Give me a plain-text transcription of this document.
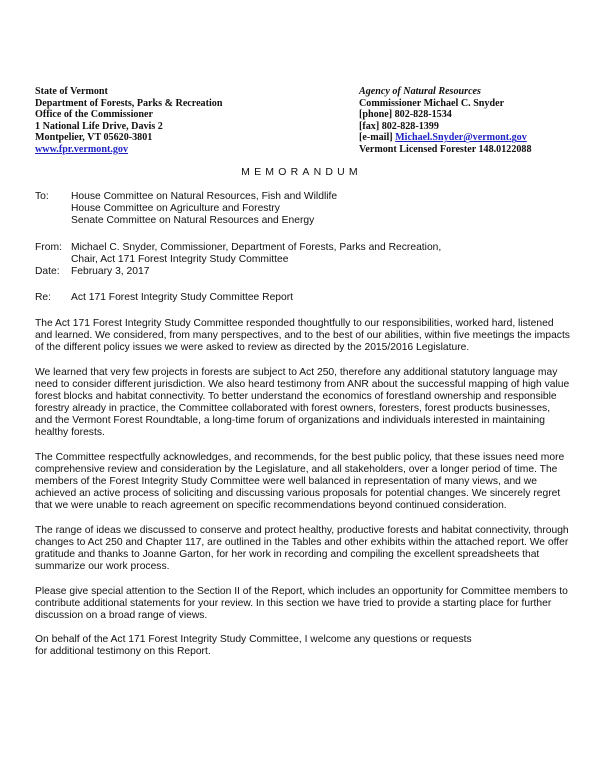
State of Vermont
Department of Forests, Parks & Recreation
Office of the Commissioner
1 National Life Drive, Davis 2
Montpelier, VT 05620-3801
www.fpr.vermont.gov
Agency of Natural Resources
Commissioner Michael C. Snyder
[phone] 802-828-1534
[fax] 802-828-1399
[e-mail] Michael.Snyder@vermont.gov
Vermont Licensed Forester 148.0122088
MEMORANDUM
To: House Committee on Natural Resources, Fish and Wildlife
House Committee on Agriculture and Forestry
Senate Committee on Natural Resources and Energy
From: Michael C. Snyder, Commissioner, Department of Forests, Parks and Recreation,
Chair, Act 171 Forest Integrity Study Committee
Date: February 3, 2017
Re: Act 171 Forest Integrity Study Committee Report

The Act 171 Forest Integrity Study Committee responded thoughtfully to our responsibilities, worked hard, listened and learned. We considered, from many perspectives, and to the best of our abilities, within five meetings the impacts of the different policy issues we were asked to review as directed by the 2015/2016 Legislature.

We learned that very few projects in forests are subject to Act 250, therefore any additional statutory language may need to consider different jurisdiction. We also heard testimony from ANR about the successful mapping of high value forest blocks and habitat connectivity. To better understand the economics of forestland ownership and responsible forestry already in practice, the Committee collaborated with forest owners, foresters, forest products businesses, and the Vermont Forest Roundtable, a long-time forum of organizations and individuals interested in maintaining healthy forests.

The Committee respectfully acknowledges, and recommends, for the best public policy, that these issues need more comprehensive review and consideration by the Legislature, and all stakeholders, over a longer period of time. The members of the Forest Integrity Study Committee were well balanced in representation of many views, and we achieved an active process of soliciting and discussing various proposals for potential changes. We sincerely regret that we were unable to reach agreement on specific recommendations beyond continued consideration.

The range of ideas we discussed to conserve and protect healthy, productive forests and habitat connectivity, through changes to Act 250 and Chapter 117, are outlined in the Tables and other exhibits within the attached report. We offer gratitude and thanks to Joanne Garton, for her work in recording and compiling the excellent spreadsheets that summarize our work process.

Please give special attention to the Section II of the Report, which includes an opportunity for Committee members to contribute additional statements for your review. In this section we have tried to provide a starting place for further discussion on a broad range of views.

On behalf of the Act 171 Forest Integrity Study Committee, I welcome any questions or requests for additional testimony on this Report.
